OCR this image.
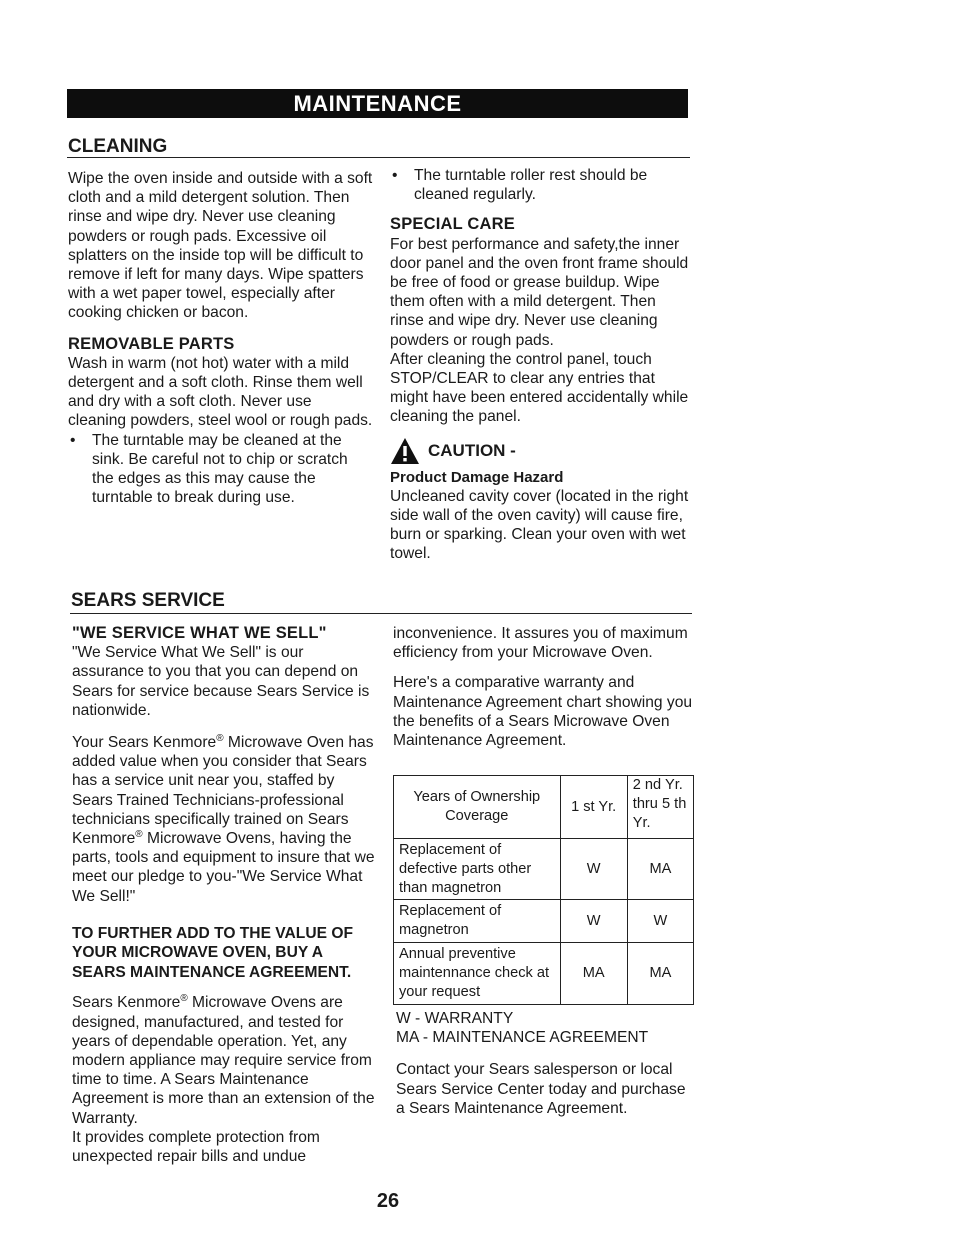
MAINTENANCE
CLEANING

Wipe the oven inside and outside with a soft cloth and a mild detergent solution. Then rinse and wipe dry. Never use cleaning powders or rough pads. Excessive oil splatters on the inside top will be difficult to remove if left for many days. Wipe spatters with a wet paper towel, especially after cooking chicken or bacon.

REMOVABLE PARTS

Wash in warm (not hot) water with a mild detergent and a soft cloth. Rinse them well and dry with a soft cloth. Never use cleaning powders, steel wool or rough pads.

•	The turntable may be cleaned at the sink. Be careful not to chip or scratch the edges as this may cause the turntable to break during use.
•	The turntable roller rest should be cleaned regularly.

SPECIAL CARE

For best performance and safety,the inner door panel and the oven front frame should be free of food or grease buildup. Wipe them often with a mild detergent. Then rinse and wipe dry. Never use cleaning powders or rough pads.

After cleaning the control panel, touch STOP/CLEAR to clear any entries that might have been entered accidentally while cleaning the panel.

CAUTION -

Product Damage Hazard

Uncleaned cavity cover (located in the right side wall of the oven cavity) will cause fire, burn or sparking. Clean your oven with wet towel.

SEARS SERVICE

"WE SERVICE WHAT WE SELL"

"We Service What We Sell" is our assurance to you that you can depend on Sears for service because Sears Service is nationwide.

Your Sears Kenmore® Microwave Oven has added value when you consider that Sears has a service unit near you, staffed by Sears Trained Technicians-professional technicians specifically trained on Sears Kenmore® Microwave Ovens, having the parts, tools and equipment to insure that we meet our pledge to you-"We Service What We Sell!"

TO FURTHER ADD TO THE VALUE OF YOUR MICROWAVE OVEN, BUY A SEARS MAINTENANCE AGREEMENT.

Sears Kenmore® Microwave Ovens are designed, manufactured, and tested for years of dependable operation. Yet, any modern appliance may require service from time to time. A Sears Maintenance Agreement is more than an extension of the Warranty.

It provides complete protection from unexpected repair bills and undue

inconvenience. It assures you of maximum efficiency from your Microwave Oven.

Here's a comparative warranty and Maintenance Agreement chart showing you the benefits of a Sears Microwave Oven Maintenance Agreement.

Years of Ownership Coverage	1 st Yr.	2 nd Yr. thru 5 th Yr.
Replacement of defective parts other than magnetron	W	MA
Replacement of magnetron	W	W
Annual preventive maintennance check at your request	MA	MA

W - WARRANTY

MA - MAINTENANCE AGREEMENT

Contact your Sears salesperson or local Sears Service Center today and purchase a Sears Maintenance Agreement.

26
